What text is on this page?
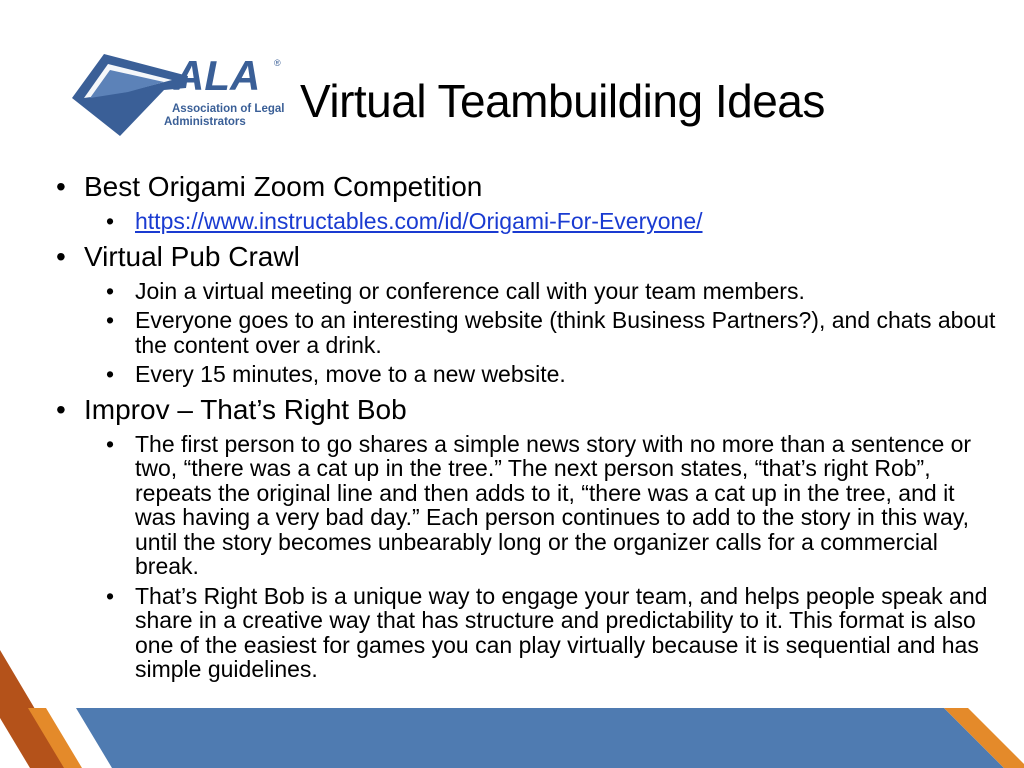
ALA ®
Association of Legal
Administrators Virtual Teambuilding Ideas
• Best Origami Zoom Competition
• https://www.instructables.com/id/Origami-For-Everyone/
• Virtual Pub Crawl
• Join a virtual meeting or conference call with your team members.
• Everyone goes to an interesting website (think Business Partners?), and chats about the content over a drink.
• Every 15 minutes, move to a new website.
• Improv – That’s Right Bob
• The first person to go shares a simple news story with no more than a sentence or two, “there was a cat up in the tree.” The next person states, “that’s right Rob”, repeats the original line and then adds to it, “there was a cat up in the tree, and it was having a very bad day.” Each person continues to add to the story in this way, until the story becomes unbearably long or the organizer calls for a commercial break.
• That’s Right Bob is a unique way to engage your team, and helps people speak and share in a creative way that has structure and predictability to it. This format is also one of the easiest for games you can play virtually because it is sequential and has simple guidelines.
